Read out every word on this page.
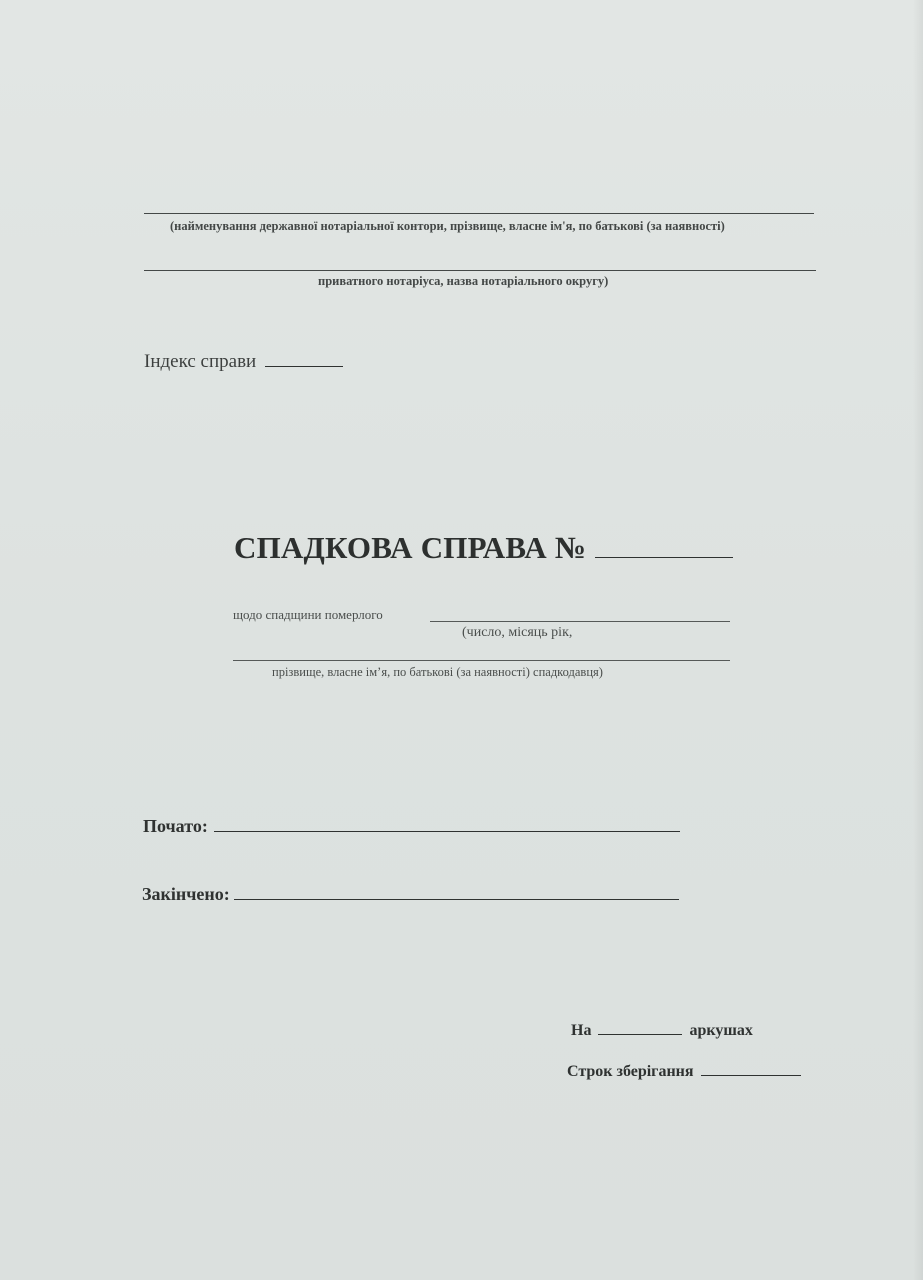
(найменування державної нотаріальної контори, прізвище, власне ім'я, по батькові (за наявності)
приватного нотаріуса, назва нотаріального округу)
Індекс справи
СПАДКОВА СПРАВА №
щодо спадщини померлого
(число, місяць рік,
прізвище, власне ім’я, по батькові (за наявності) спадкодавця)
Почато:
Закінчено:
На	аркушах
Строк зберігання
